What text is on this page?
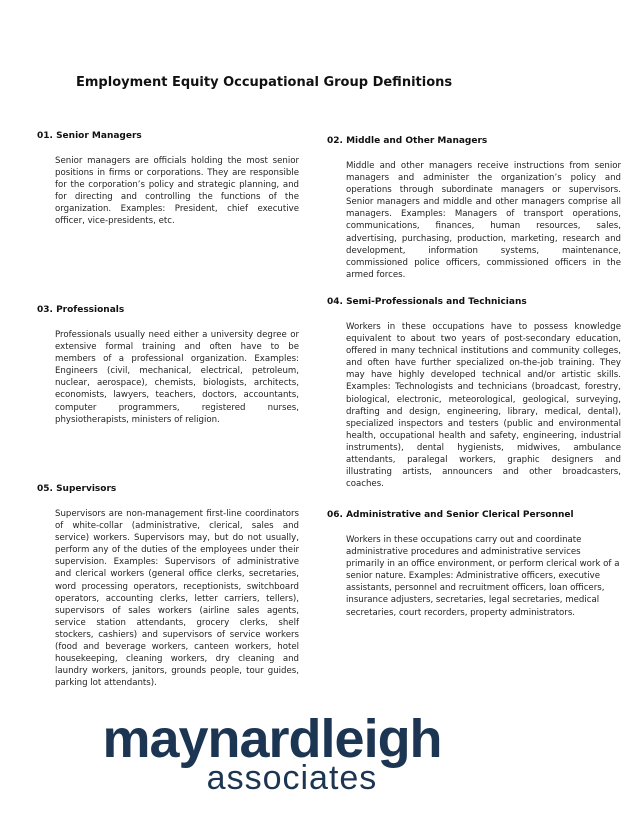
Employment Equity Occupational Group Definitions

01. Senior Managers

Senior managers are officials holding the most senior positions in firms or corporations. They are responsible for the corporation’s policy and strategic planning, and for directing and controlling the functions of the organization. Examples: President, chief executive officer, vice-presidents, etc.

02. Middle and Other Managers

Middle and other managers receive instructions from senior managers and administer the organization’s policy and operations through subordinate managers or supervisors. Senior managers and middle and other managers comprise all managers. Examples: Managers of transport operations, communications, finances, human resources, sales, advertising, purchasing, production, marketing, research and development, information systems, maintenance, commissioned police officers, commissioned officers in the armed forces.

03. Professionals

Professionals usually need either a university degree or extensive formal training and often have to be members of a professional organization. Examples: Engineers (civil, mechanical, electrical, petroleum, nuclear, aerospace), chemists, biologists, architects, economists, lawyers, teachers, doctors, accountants, computer programmers, registered nurses, physiotherapists, ministers of religion.

04. Semi-Professionals and Technicians

Workers in these occupations have to possess knowledge equivalent to about two years of post-secondary education, offered in many technical institutions and community colleges, and often have further specialized on-the-job training. They may have highly developed technical and/or artistic skills. Examples: Technologists and technicians (broadcast, forestry, biological, electronic, meteorological, geological, surveying, drafting and design, engineering, library, medical, dental), specialized inspectors and testers (public and environmental health, occupational health and safety, engineering, industrial instruments), dental hygienists, midwives, ambulance attendants, paralegal workers, graphic designers and illustrating artists, announcers and other broadcasters, coaches.

05. Supervisors

Supervisors are non-management first-line coordinators of white-collar (administrative, clerical, sales and service) workers. Supervisors may, but do not usually, perform any of the duties of the employees under their supervision. Examples: Supervisors of administrative and clerical workers (general office clerks, secretaries, word processing operators, receptionists, switchboard operators, accounting clerks, letter carriers, tellers), supervisors of sales workers (airline sales agents, service station attendants, grocery clerks, shelf stockers, cashiers) and supervisors of service workers (food and beverage workers, canteen workers, hotel housekeeping, cleaning workers, dry cleaning and laundry workers, janitors, grounds people, tour guides, parking lot attendants).

06. Administrative and Senior Clerical Personnel

Workers in these occupations carry out and coordinate administrative procedures and administrative services primarily in an office environment, or perform clerical work of a senior nature. Examples: Administrative officers, executive assistants, personnel and recruitment officers, loan officers, insurance adjusters, secretaries, legal secretaries, medical secretaries, court recorders, property administrators.

maynardleigh
associates
